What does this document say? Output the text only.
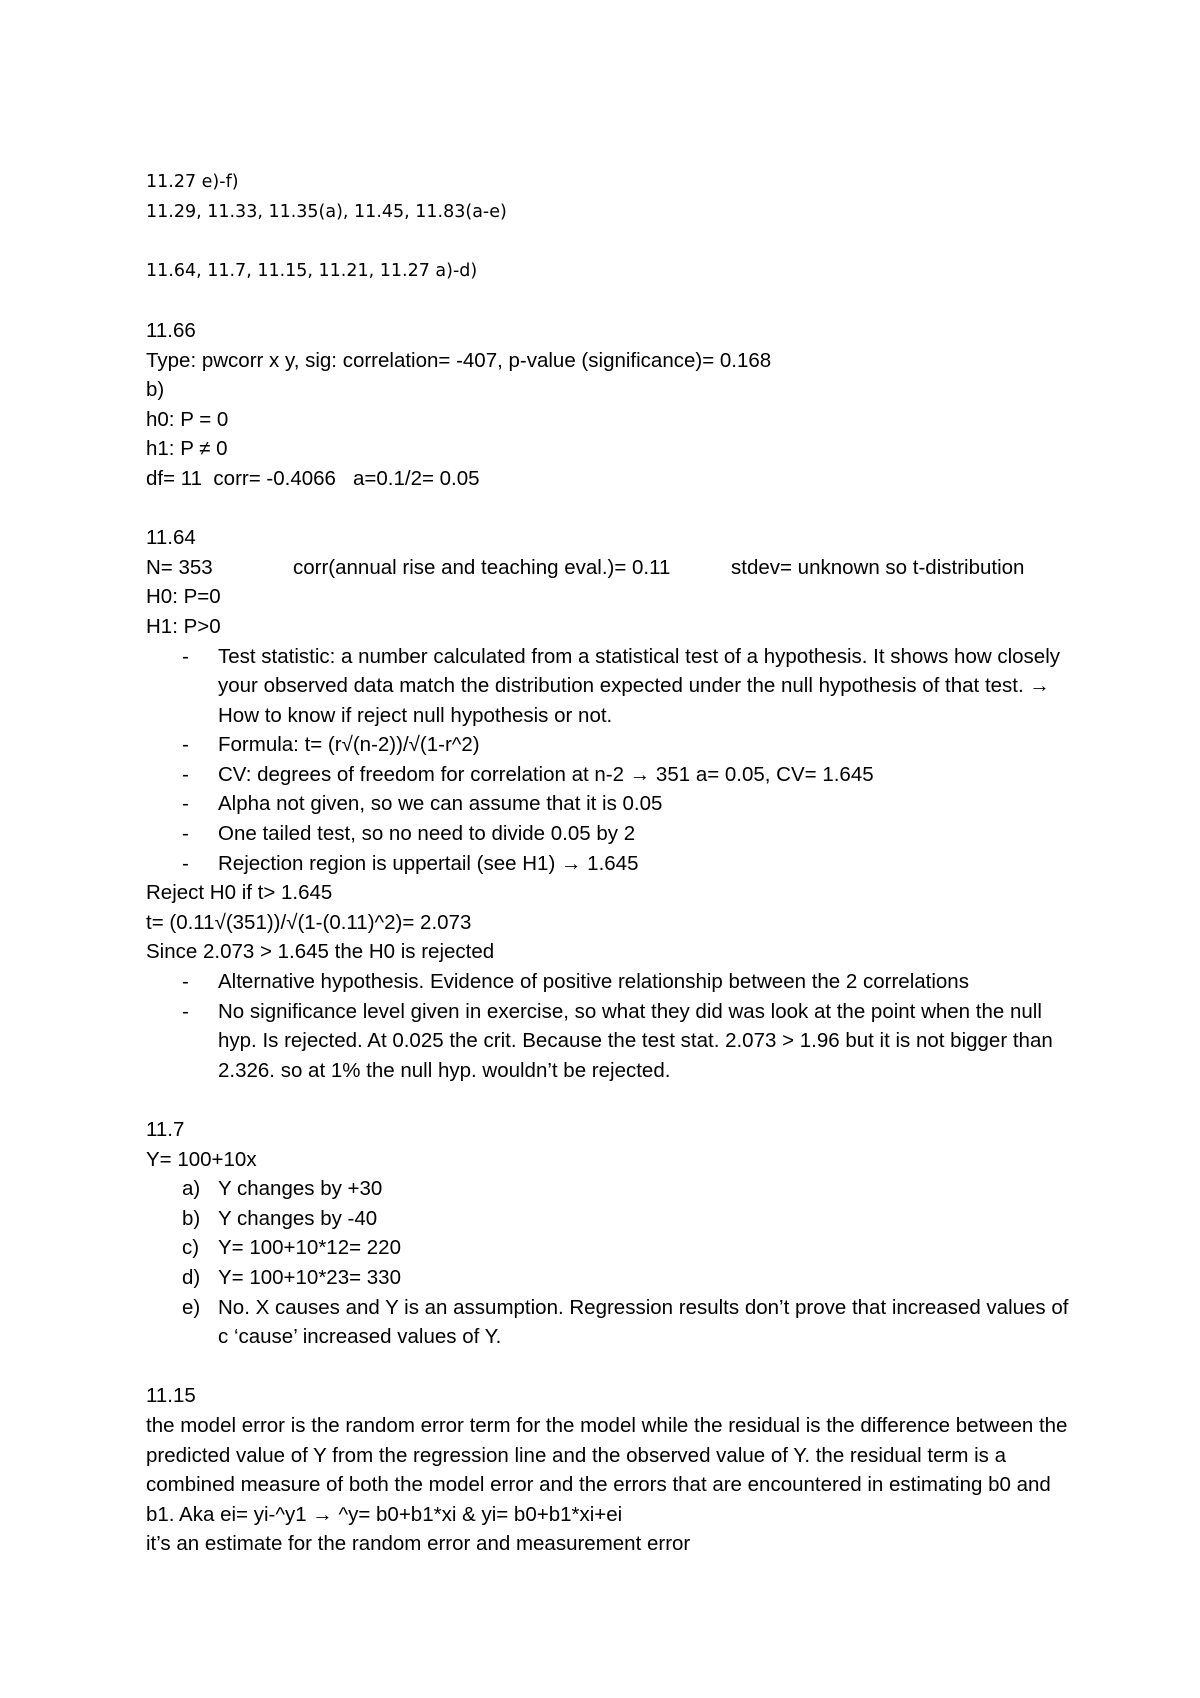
11.27 e)-f)
11.29, 11.33, 11.35(a), 11.45, 11.83(a-e)
11.64, 11.7, 11.15, 11.21, 11.27 a)-d)
11.66
Type: pwcorr x y, sig: correlation= -407, p-value (significance)= 0.168
b)
h0: P = 0
h1: P ≠ 0
df= 11  corr= -0.4066   a=0.1/2= 0.05
11.64
N= 353	corr(annual rise and teaching eval.)= 0.11	stdev= unknown so t-distribution
H0: P=0
H1: P>0
- Test statistic: a number calculated from a statistical test of a hypothesis. It shows how closely your observed data match the distribution expected under the null hypothesis of that test. → How to know if reject null hypothesis or not.
- Formula: t= (r√(n-2))/√(1-r^2)
- CV: degrees of freedom for correlation at n-2 → 351 a= 0.05, CV= 1.645
- Alpha not given, so we can assume that it is 0.05
- One tailed test, so no need to divide 0.05 by 2
- Rejection region is uppertail (see H1) → 1.645
Reject H0 if t> 1.645
t= (0.11√(351))/√(1-(0.11)^2)= 2.073
Since 2.073 > 1.645 the H0 is rejected
- Alternative hypothesis. Evidence of positive relationship between the 2 correlations
- No significance level given in exercise, so what they did was look at the point when the null hyp. Is rejected. At 0.025 the crit. Because the test stat. 2.073 > 1.96 but it is not bigger than 2.326. so at 1% the null hyp. wouldn’t be rejected.
11.7
Y= 100+10x
a) Y changes by +30
b) Y changes by -40
c) Y= 100+10*12= 220
d) Y= 100+10*23= 330
e) No. X causes and Y is an assumption. Regression results don’t prove that increased values of c ‘cause’ increased values of Y.
11.15
the model error is the random error term for the model while the residual is the difference between the predicted value of Y from the regression line and the observed value of Y. the residual term is a combined measure of both the model error and the errors that are encountered in estimating b0 and b1. Aka ei= yi-^y1 → ^y= b0+b1*xi & yi= b0+b1*xi+ei
it’s an estimate for the random error and measurement error
